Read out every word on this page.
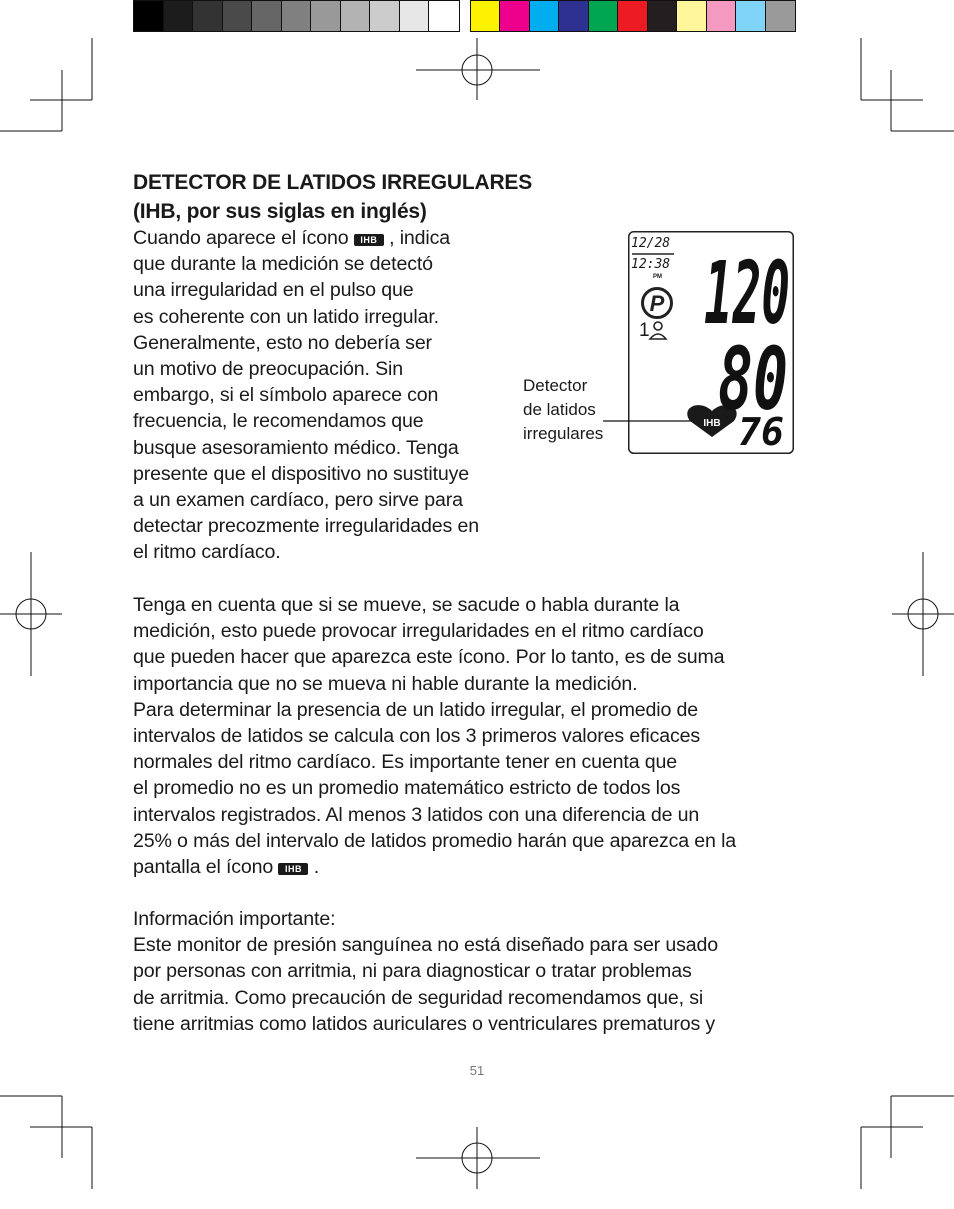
DETECTOR DE LATIDOS IRREGULARES
(IHB, por sus siglas en inglés)

Cuando aparece el ícono IHB , indica
que durante la medición se detectó
una irregularidad en el pulso que
es coherente con un latido irregular.
Generalmente, esto no debería ser
un motivo de preocupación. Sin
embargo, si el símbolo aparece con
frecuencia, le recomendamos que
busque asesoramiento médico. Tenga
presente que el dispositivo no sustituye
a un examen cardíaco, pero sirve para
detectar precozmente irregularidades en
el ritmo cardíaco.

Detector
de latidos
irregulares

P
IHB
120
80
76
12/28
12:38
PM
1
Tenga en cuenta que si se mueve, se sacude o habla durante la
medición, esto puede provocar irregularidades en el ritmo cardíaco
que pueden hacer que aparezca este ícono. Por lo tanto, es de suma
importancia que no se mueva ni hable durante la medición.
Para determinar la presencia de un latido irregular, el promedio de
intervalos de latidos se calcula con los 3 primeros valores eficaces
normales del ritmo cardíaco. Es importante tener en cuenta que
el promedio no es un promedio matemático estricto de todos los
intervalos registrados. Al menos 3 latidos con una diferencia de un
25% o más del intervalo de latidos promedio harán que aparezca en la
pantalla el ícono IHB .
Información importante:
Este monitor de presión sanguínea no está diseñado para ser usado
por personas con arritmia, ni para diagnosticar o tratar problemas
de arritmia. Como precaución de seguridad recomendamos que, si
tiene arritmias como latidos auriculares o ventriculares prematuros y
51
